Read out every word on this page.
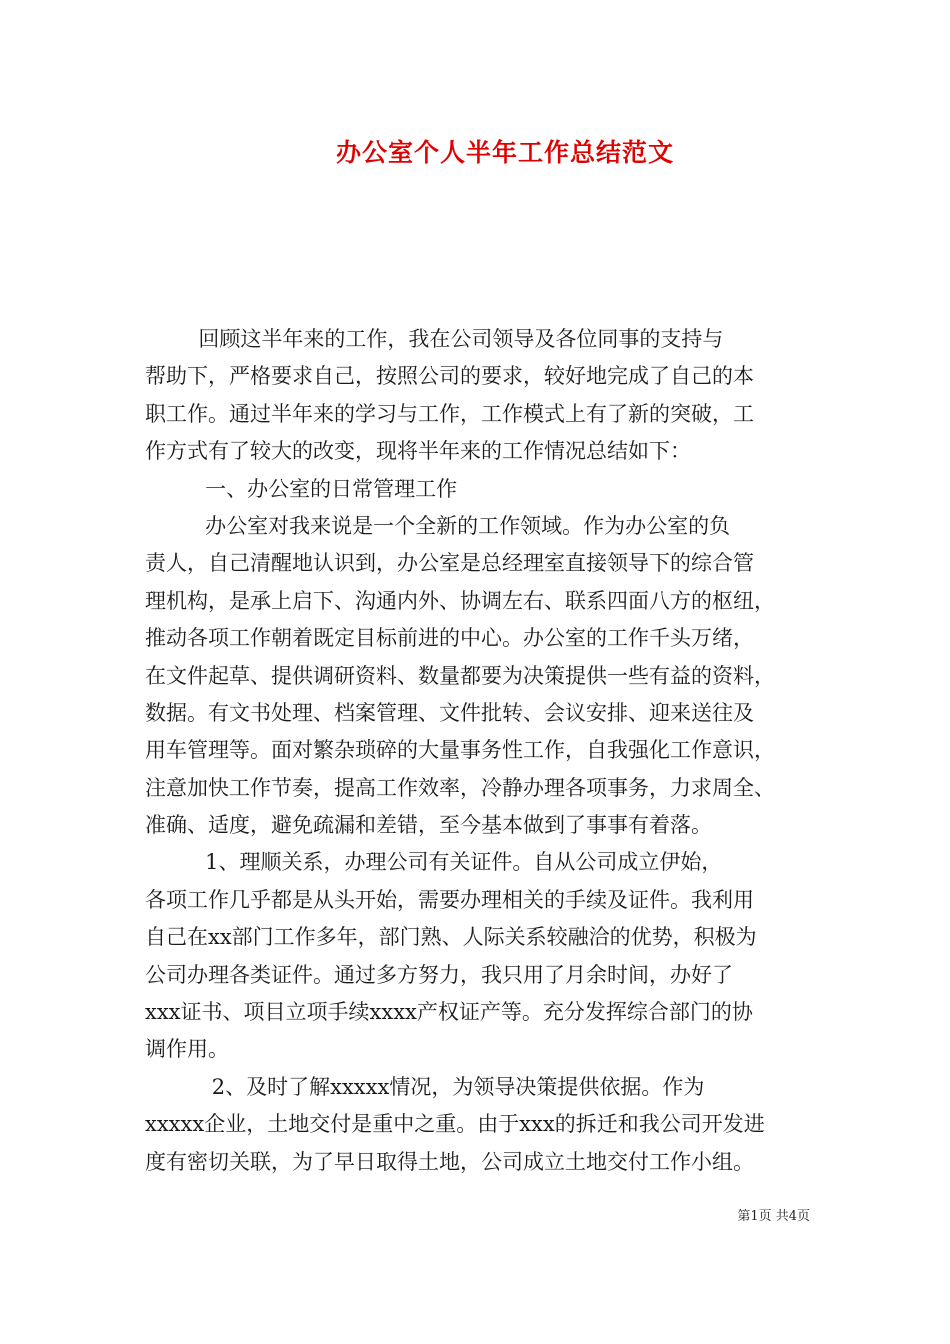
办公室个人半年工作总结范文
回顾这半年来的工作，我在公司领导及各位同事的支持与
帮助下，严格要求自己，按照公司的要求，较好地完成了自己的本
职工作。通过半年来的学习与工作，工作模式上有了新的突破，工
作方式有了较大的改变，现将半年来的工作情况总结如下：
一、办公室的日常管理工作
办公室对我来说是一个全新的工作领域。作为办公室的负
责人，自己清醒地认识到，办公室是总经理室直接领导下的综合管
理机构，是承上启下、沟通内外、协调左右、联系四面八方的枢纽，
推动各项工作朝着既定目标前进的中心。办公室的工作千头万绪，
在文件起草、提供调研资料、数量都要为决策提供一些有益的资料，
数据。有文书处理、档案管理、文件批转、会议安排、迎来送往及
用车管理等。面对繁杂琐碎的大量事务性工作，自我强化工作意识，
注意加快工作节奏，提高工作效率，冷静办理各项事务，力求周全、
准确、适度，避免疏漏和差错，至今基本做到了事事有着落。
1、理顺关系，办理公司有关证件。自从公司成立伊始，
各项工作几乎都是从头开始，需要办理相关的手续及证件。我利用
自己在xx部门工作多年，部门熟、人际关系较融洽的优势，积极为
公司办理各类证件。通过多方努力，我只用了月余时间，办好了
xxx证书、项目立项手续xxxx产权证产等。充分发挥综合部门的协
调作用。
2、及时了解xxxxx情况，为领导决策提供依据。作为
xxxxx企业，土地交付是重中之重。由于xxx的拆迁和我公司开发进
度有密切关联，为了早日取得土地，公司成立土地交付工作小组。
第1页 共4页
